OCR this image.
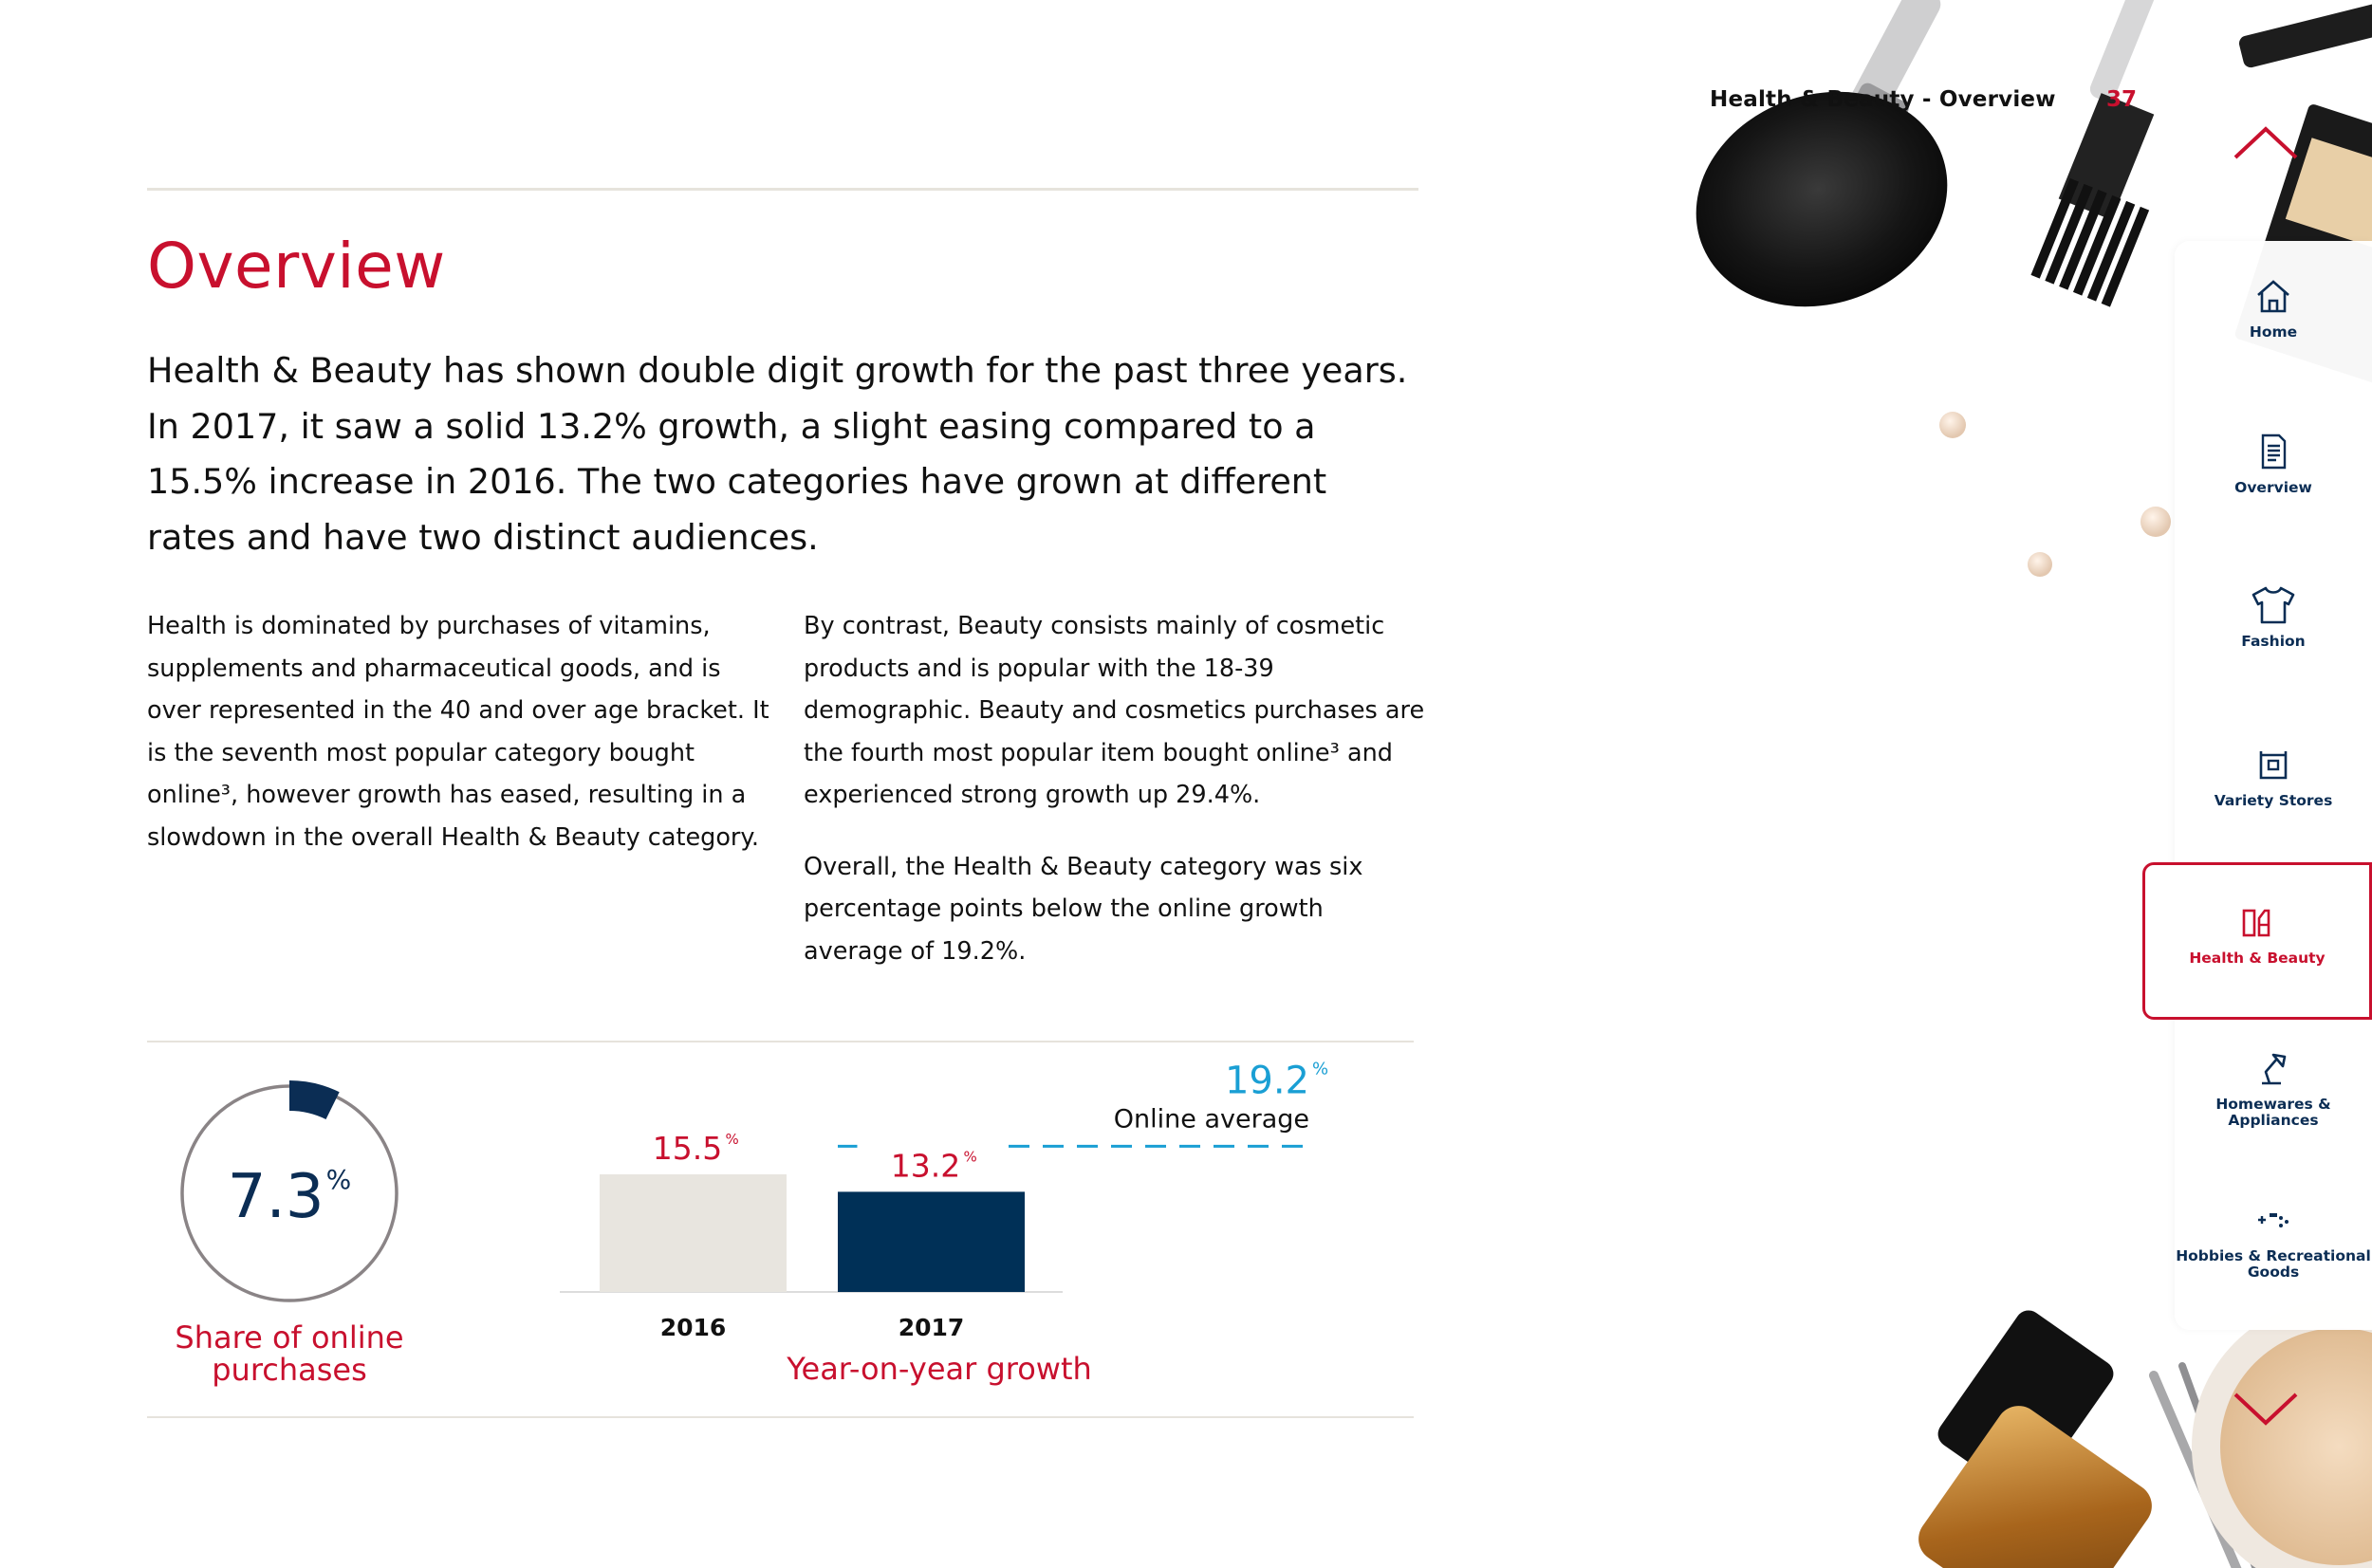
Health & Beauty - Overview 37
Overview

Health & Beauty has shown double digit growth for the past three years. In 2017, it saw a solid 13.2% growth, a slight easing compared to a 15.5% increase in 2016. The two categories have grown at different rates and have two distinct audiences.

Health is dominated by purchases of vitamins, supplements and pharmaceutical goods, and is over represented in the 40 and over age bracket. It is the seventh most popular category bought online³, however growth has eased, resulting in a slowdown in the overall Health & Beauty category.

By contrast, Beauty consists mainly of cosmetic products and is popular with the 18-39 demographic. Beauty and cosmetics purchases are the fourth most popular item bought online³ and experienced strong growth up 29.4%.

Overall, the Health & Beauty category was six percentage points below the online growth average of 19.2%.

7.3%
Share of online purchases
19.2 %
Online average
15.5 %
2016
13.2 %
2017
Year-on-year growth
Home
Overview
Fashion
Variety Stores
Health & Beauty
Homewares & Appliances
Hobbies & Recreational Goods
